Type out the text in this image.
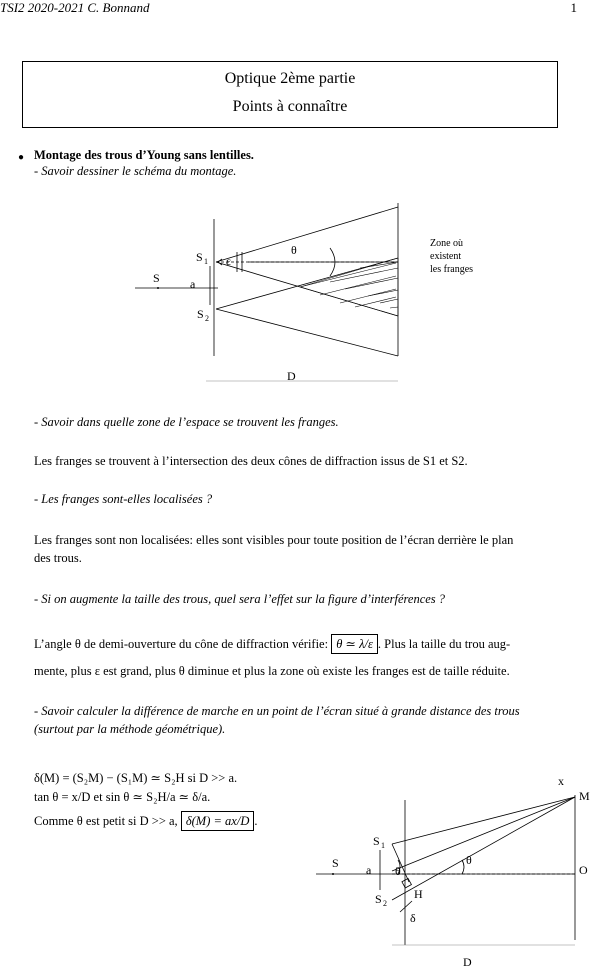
TSI2 2020-2021 C. Bonnand	1
Optique 2ème partie
Points à connaître
● Montage des trous d’Young sans lentilles.
- Savoir dessiner le schéma du montage.
S
S 1
S 2
a
ε
θ
D
Zone où
existent
les franges
x
M
O
S
S 1
S 2
a θ
θ
H
δ
D
- Savoir dans quelle zone de l’espace se trouvent les franges.
Les franges se trouvent à l’intersection des deux cônes de diffraction issus de S1 et S2.
- Les franges sont-elles localisées ?
Les franges sont non localisées: elles sont visibles pour toute position de l’écran derrière le plan
des trous.
- Si on augmente la taille des trous, quel sera l’effet sur la figure d’interférences ?
L’angle θ de demi-ouverture du cône de diffraction vérifie: θ ≃ λ/ε . Plus la taille du trou aug-
mente, plus ε est grand, plus θ diminue et plus la zone où existe les franges est de taille réduite.
- Savoir calculer la différence de marche en un point de l’écran situé à grande distance des trous
(surtout par la méthode géométrique).
δ(M) = (S₂M) − (S₁M) ≃ S₂H si D >> a.
tan θ = x/D et sin θ ≃ S₂H/a ≃ δ/a.
Comme θ est petit si D >> a, δ(M) = ax/D .
